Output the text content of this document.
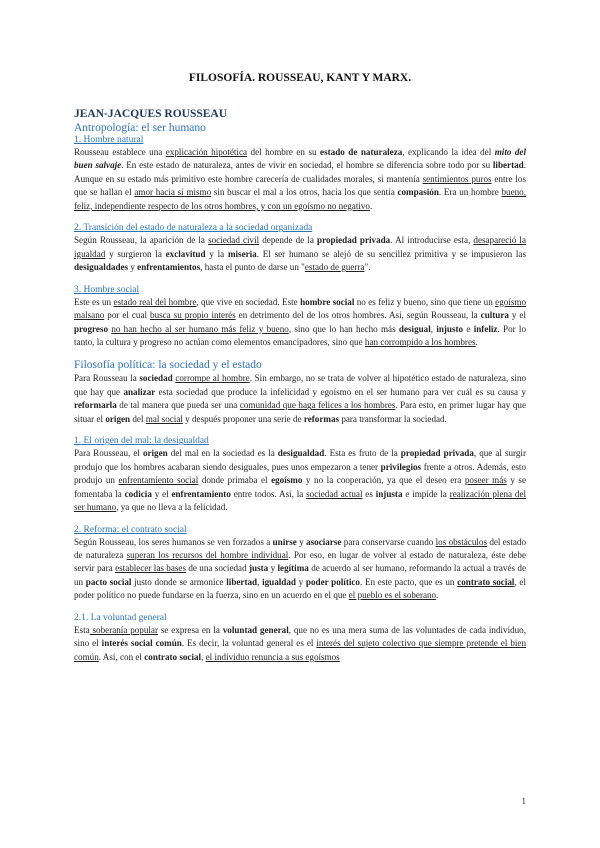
FILOSOFÍA. ROUSSEAU, KANT Y MARX.
JEAN-JACQUES ROUSSEAU
Antropología: el ser humano
1. Hombre natural

Rousseau establece una explicación hipotética del hombre en su estado de naturaleza, explicando la idea del mito del buen salvaje. En este estado de naturaleza, antes de vivir en sociedad, el hombre se diferencia sobre todo por su libertad. Aunque en su estado más primitivo este hombre carecería de cualidades morales, si mantenía sentimientos puros entre los que se hallan el amor hacia sí mismo sin buscar el mal a los otros, hacia los que sentía compasión. Era un hombre bueno, feliz, independiente respecto de los otros hombres, y con un egoísmo no negativo.

2. Transición del estado de naturaleza a la sociedad organizada

Según Rousseau, la aparición de la sociedad civil depende de la propiedad privada. Al introducirse esta, desapareció la igualdad y surgieron la exclavitud y la miseria. El ser humano se alejó de su sencillez primitiva y se impusieron las desigualdades y enfrentamientos, hasta el punto de darse un "estado de guerra".

3. Hombre social

Este es un estado real del hombre, que vive en sociedad. Este hombre social no es feliz y bueno, sino que tiene un egoísmo malsano por el cual busca su propio interés en detrimento del de los otros hombres. Así, según Rousseau, la cultura y el progreso no han hecho al ser humano más feliz y bueno, sino que lo han hecho más desigual, injusto e infeliz. Por lo tanto, la cultura y progreso no actúan como elementos emancipadores, sino que han corrompido a los hombres.

Filosofía política: la sociedad y el estado

Para Rousseau la sociedad corrompe al hombre. Sin embargo, no se trata de volver al hipotético estado de naturaleza, sino que hay que analizar esta sociedad que produce la infelicidad y egoísmo en el ser humano para ver cuál es su causa y reformarla de tal manera que pueda ser una comunidad que haga felices a los hombres. Para esto, en primer lugar hay que situar el origen del mal social y después proponer una serie de reformas para transformar la sociedad.

1. El origen del mal: la desigualdad

Para Rousseau, el origen del mal en la sociedad es la desigualdad. Esta es fruto de la propiedad privada, que al surgir produjo que los hombres acabaran siendo desiguales, pues unos empezaron a tener privilegios frente a otros. Además, esto produjo un enfrentamiento social donde primaba el egoísmo y no la cooperación, ya que el deseo era poseer más y se fomentaba la codicia y el enfrentamiento entre todos. Así, la sociedad actual es injusta e impide la realización plena del ser humano, ya que no lleva a la felicidad.

2. Reforma: el contrato social

Según Rousseau, los seres humanos se ven forzados a unirse y asociarse para conservarse cuando los obstáculos del estado de naturaleza superan los recursos del hombre individual. Por eso, en lugar de volver al estado de naturaleza, éste debe servir para establecer las bases de una sociedad justa y legítima de acuerdo al ser humano, reformando la actual a través de un pacto social justo donde se armonice libertad, igualdad y poder político. En este pacto, que es un contrato social, el poder político no puede fundarse en la fuerza, sino en un acuerdo en el que el pueblo es el soberano.

2.1. La voluntad general

Esta soberanía popular se expresa en la voluntad general, que no es una mera suma de las voluntades de cada individuo, sino el interés social común. Es decir, la voluntad general es el interés del sujeto colectivo que siempre pretende el bien común. Así, con el contrato social, el individuo renuncia a sus egoísmos

1
